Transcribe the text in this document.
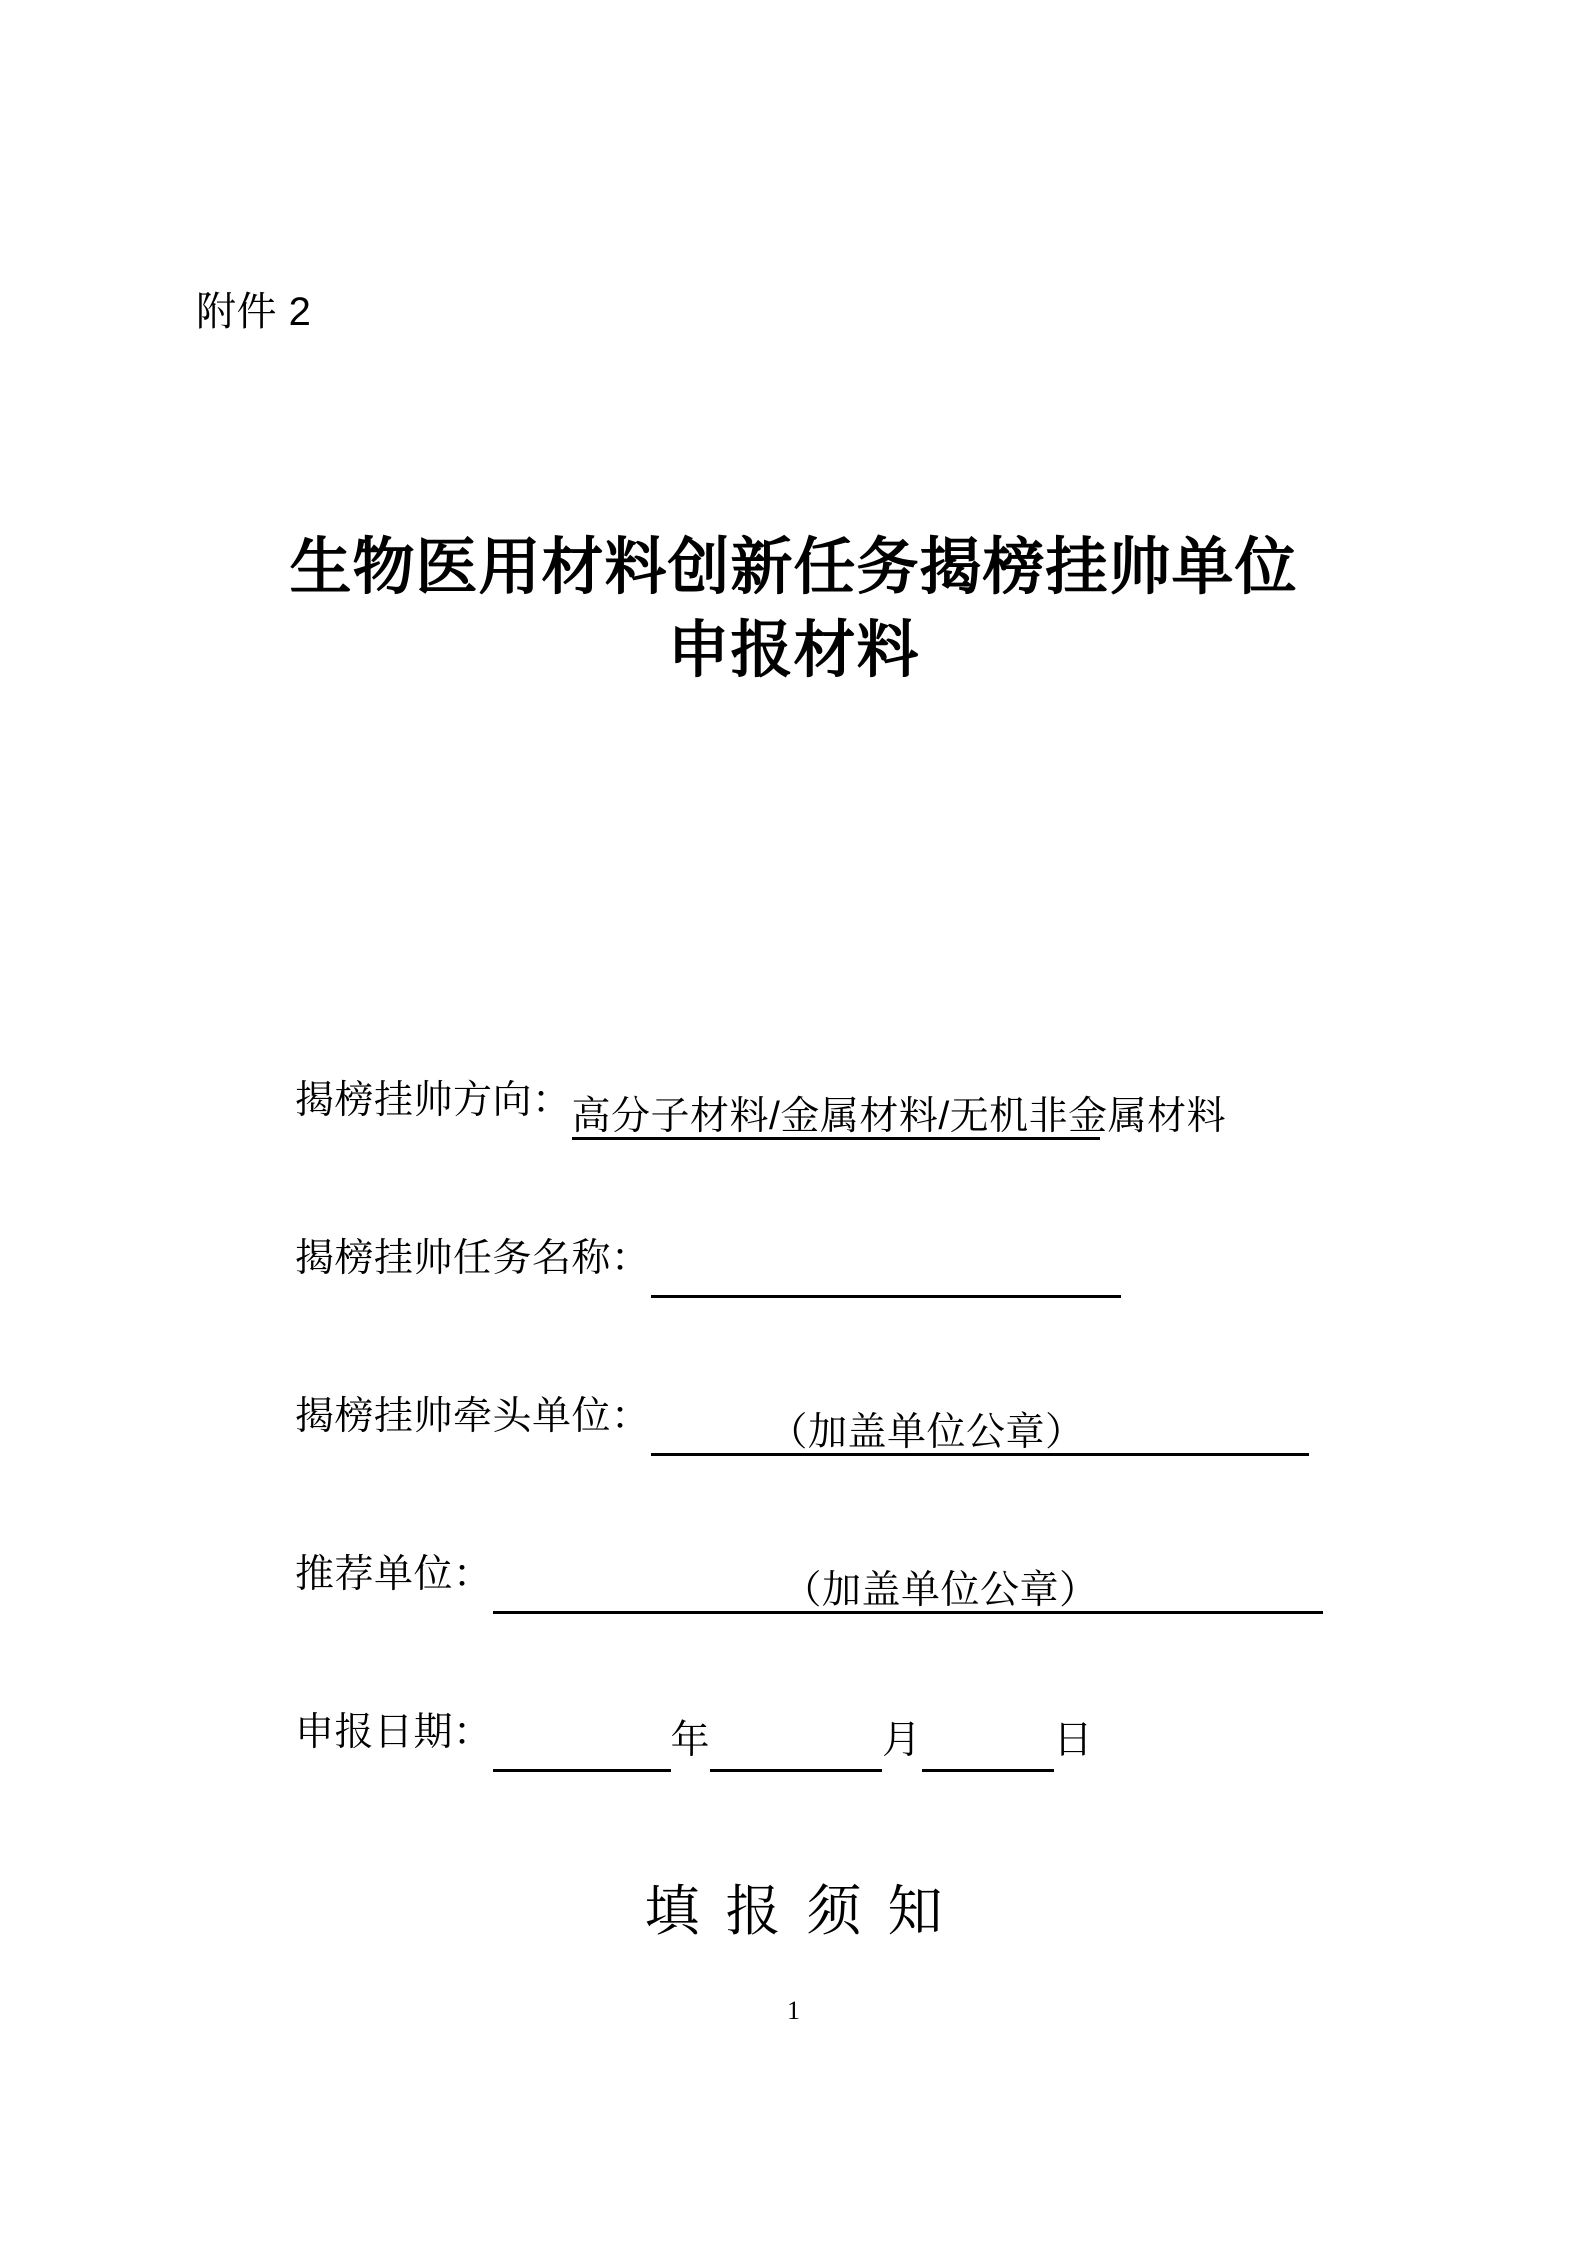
附件 2
生物医用材料创新任务揭榜挂帅单位
申报材料
揭榜挂帅方向：高分子材料/金属材料/无机非金属材料
揭榜挂帅任务名称：
揭榜挂帅牵头单位：	（加盖单位公章）
推荐单位：	（加盖单位公章）
申报日期：	年	月	日
填报须知
1
